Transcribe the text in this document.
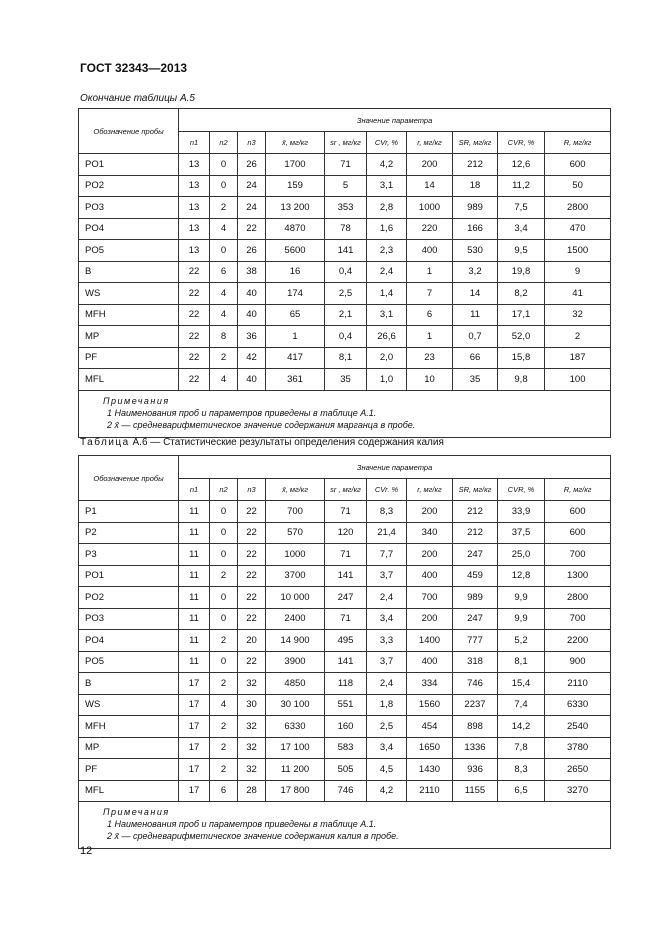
ГОСТ 32343—2013
Окончание таблицы А.5
Обозначение пробы	Значение параметра									
	n1	n2	n3	x̄, мг/кг	sr , мг/кг	CVr, %	r, мг/кг	SR, мг/кг	CVR, %	R, мг/кг
PO1	13	0	26	1700	71	4,2	200	212	12,6	600
PO2	13	0	24	159	5	3,1	14	18	11,2	50
PO3	13	2	24	13 200	353	2,8	1000	989	7,5	2800
PO4	13	4	22	4870	78	1,6	220	166	3,4	470
PO5	13	0	26	5600	141	2,3	400	530	9,5	1500
B	22	6	38	16	0,4	2,4	1	3,2	19,8	9
WS	22	4	40	174	2,5	1,4	7	14	8,2	41
MFH	22	4	40	65	2,1	3,1	6	11	17,1	32
MP	22	8	36	1	0,4	26,6	1	0,7	52,0	2
PF	22	2	42	417	8,1	2,0	23	66	15,8	187
MFL	22	4	40	361	35	1,0	10	35	9,8	100

Примечания
1 Наименования проб и параметров приведены в таблице А.1.
2 x̄ — средневарифметическое значение содержания марганца в пробе.										
Таблица А.6 — Статистические результаты определения содержания калия
Обозначение пробы	Значение параметра									
	n1	n2	n3	x̄, мг/кг	sr , мг/кг	CVr. %	r, мг/кг	SR, мг/кг	CVR, %	R, мг/кг
P1	11	0	22	700	71	8,3	200	212	33,9	600
P2	11	0	22	570	120	21,4	340	212	37,5	600
P3	11	0	22	1000	71	7,7	200	247	25,0	700
PO1	11	2	22	3700	141	3,7	400	459	12,8	1300
PO2	11	0	22	10 000	247	2,4	700	989	9,9	2800
PO3	11	0	22	2400	71	3,4	200	247	9,9	700
PO4	11	2	20	14 900	495	3,3	1400	777	5,2	2200
PO5	11	0	22	3900	141	3,7	400	318	8,1	900
B	17	2	32	4850	118	2,4	334	746	15,4	2110
WS	17	4	30	30 100	551	1,8	1560	2237	7,4	6330
MFH	17	2	32	6330	160	2,5	454	898	14,2	2540
MP	17	2	32	17 100	583	3,4	1650	1336	7,8	3780
PF	17	2	32	11 200	505	4,5	1430	936	8,3	2650
MFL	17	6	28	17 800	746	4,2	2110	1155	6,5	3270

Примечания
1 Наименования проб и параметров приведены в таблице А.1.
2 x̄ — средневарифметическое значение содержания калия в пробе.										
12
